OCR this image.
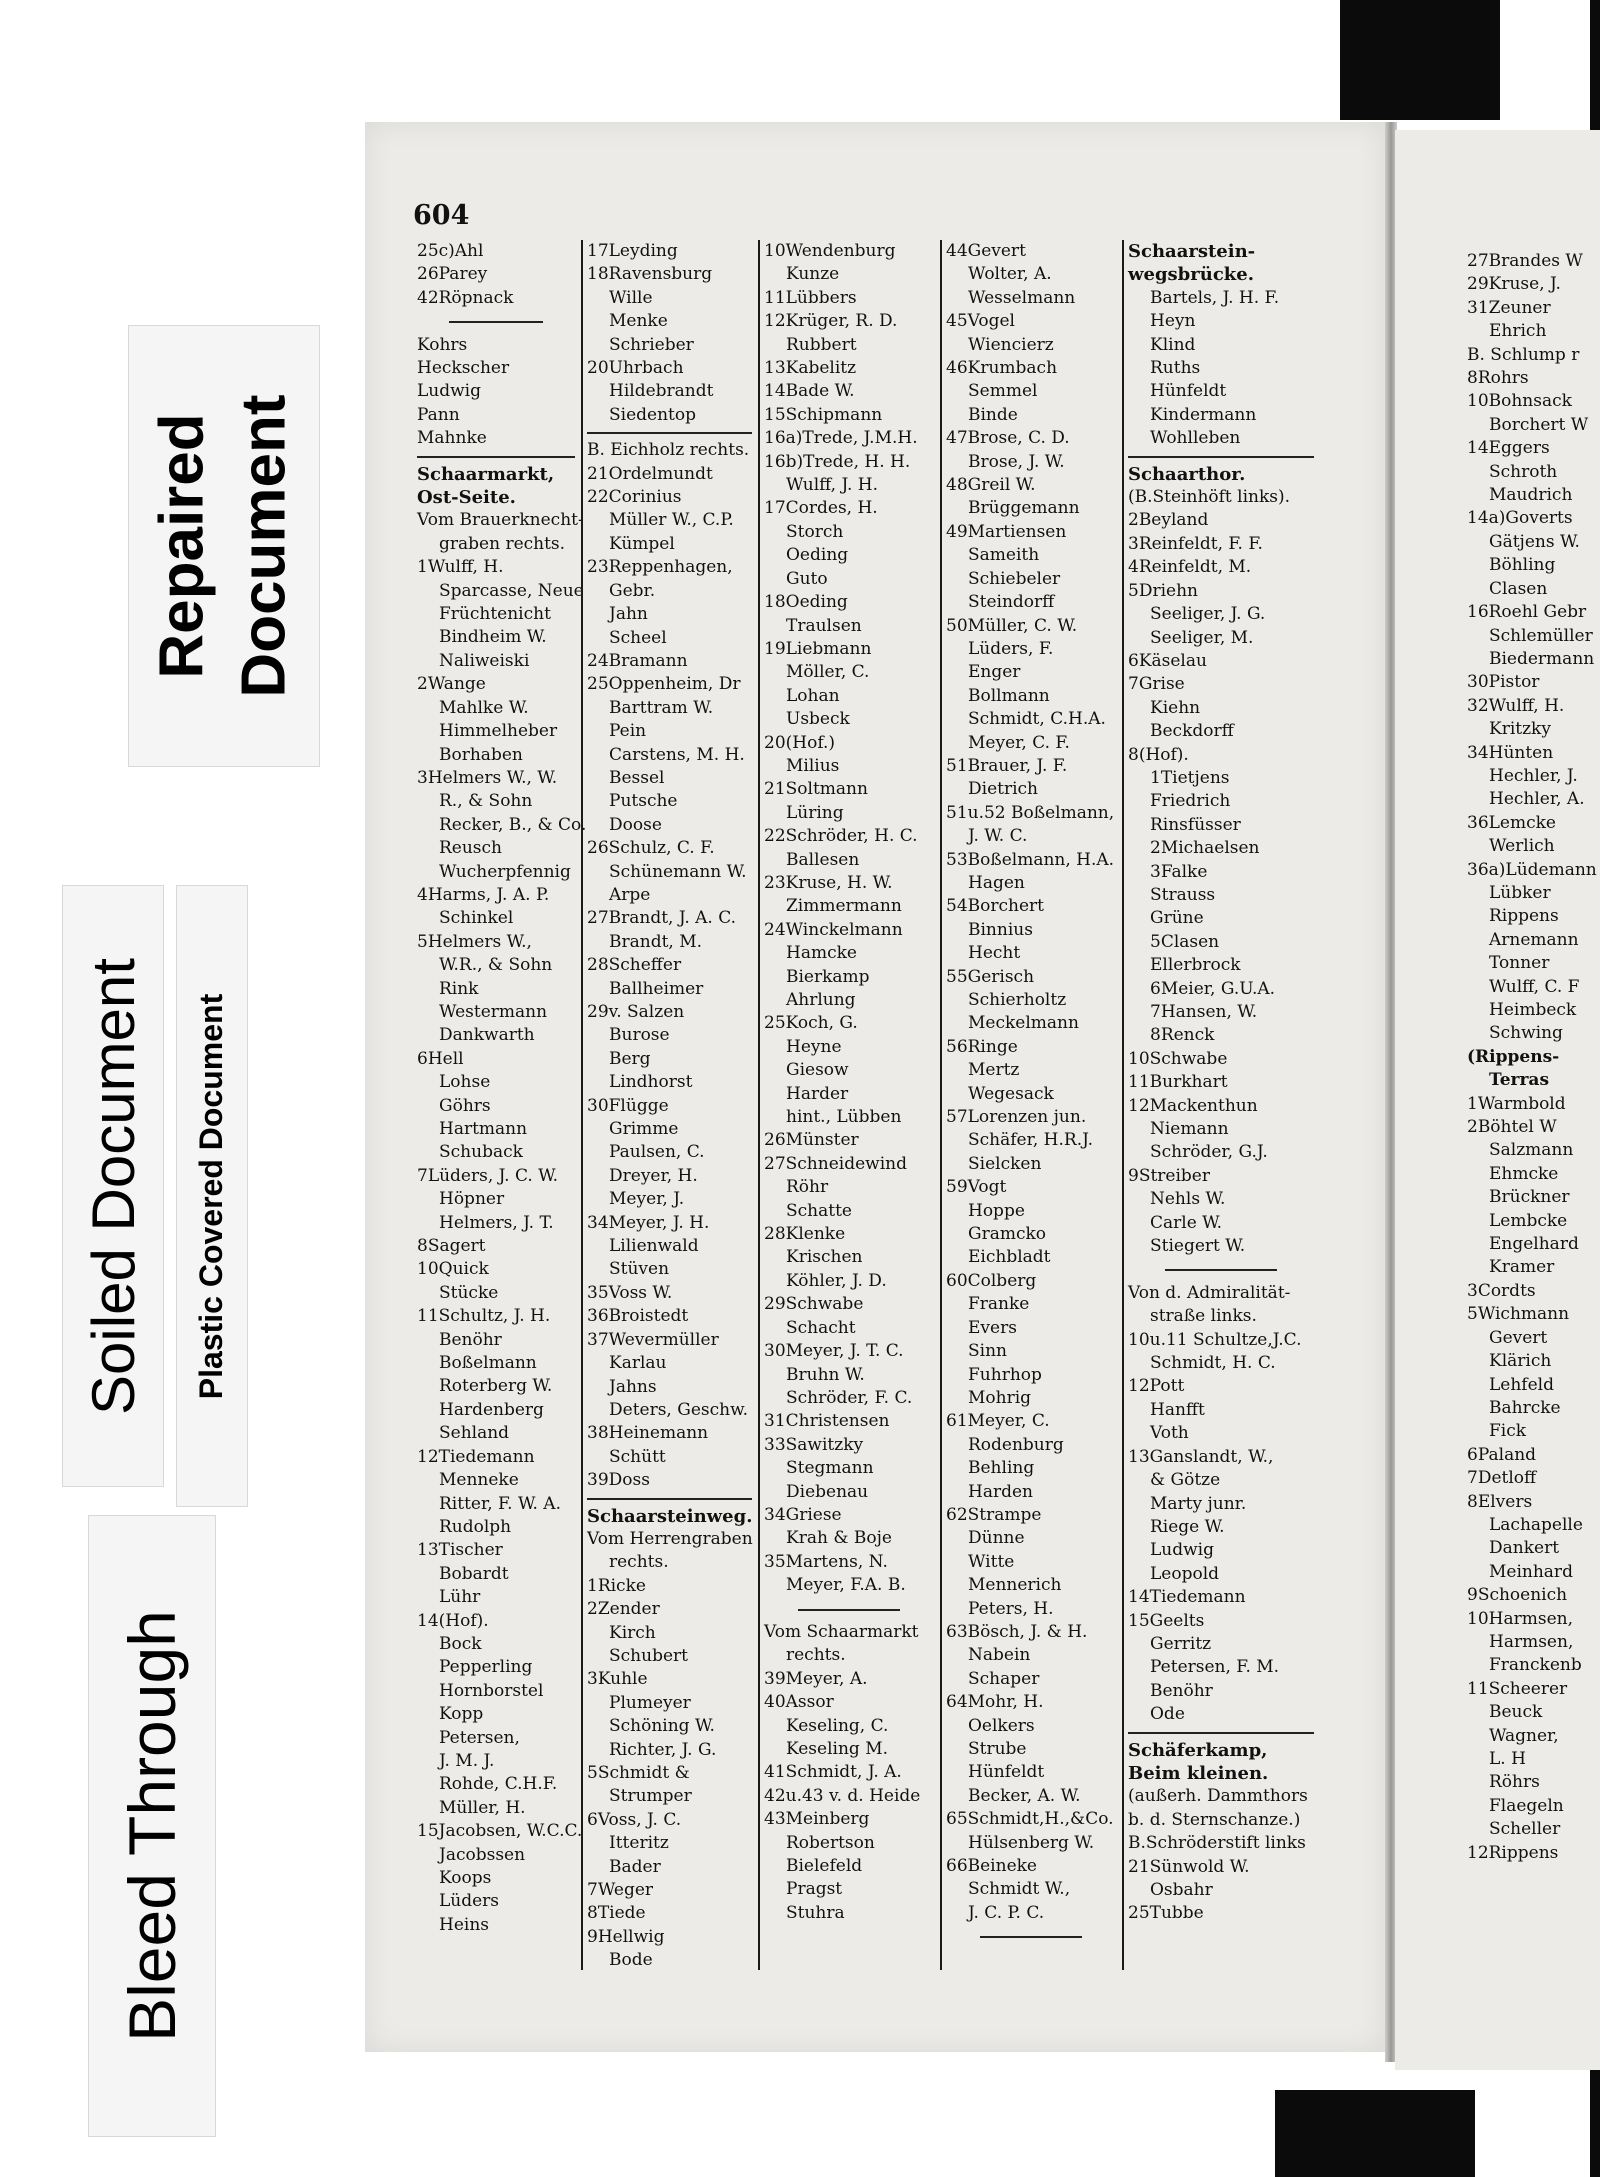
Bleed Through
Soiled Document Plastic Covered Document
Repaired Document
604
25c)Ahl
26Parey
42Röpnack
Kohrs
Heckscher
Ludwig
Pann
Mahnke
Schaarmarkt,
Ost-Seite.
Vom Brauerknecht-
graben rechts.
1Wulff, H.
Sparcasse, Neue
Früchtenicht
Bindheim W.
Naliweiski
2Wange
Mahlke W.
Himmelheber
Borhaben
3Helmers W., W.
R., & Sohn
Recker, B., & Co.
Reusch
Wucherpfennig
4Harms, J. A. P.
Schinkel
5Helmers W.,
W.R., & Sohn
Rink
Westermann
Dankwarth
6Hell
Lohse
Göhrs
Hartmann
Schuback
7Lüders, J. C. W.
Höpner
Helmers, J. T.
8Sagert
10Quick
Stücke
11Schultz, J. H.
Benöhr
Boßelmann
Roterberg W.
Hardenberg
Sehland
12Tiedemann
Menneke
Ritter, F. W. A.
Rudolph
13Tischer
Bobardt
Lühr
14(Hof).
Bock
Pepperling
Hornborstel
Kopp
Petersen,
J. M. J.
Rohde, C.H.F.
Müller, H.
15Jacobsen, W.C.C.
Jacobssen
Koops
Lüders
Heins
17Leyding
18Ravensburg
Wille
Menke
Schrieber
20Uhrbach
Hildebrandt
Siedentop
B. Eichholz rechts.
21Ordelmundt
22Corinius
Müller W., C.P.
Kümpel
23Reppenhagen,
Gebr.
Jahn
Scheel
24Bramann
25Oppenheim, Dr
Barttram W.
Pein
Carstens, M. H.
Bessel
Putsche
Doose
26Schulz, C. F.
Schünemann W.
Arpe
27Brandt, J. A. C.
Brandt, M.
28Scheffer
Ballheimer
29v. Salzen
Burose
Berg
Lindhorst
30Flügge
Grimme
Paulsen, C.
Dreyer, H.
Meyer, J.
34Meyer, J. H.
Lilienwald
Stüven
35Voss W.
36Broistedt
37Wevermüller
Karlau
Jahns
Deters, Geschw.
38Heinemann
Schütt
39Doss
Schaarsteinweg.
Vom Herrengraben
rechts.
1Ricke
2Zender
Kirch
Schubert
3Kuhle
Plumeyer
Schöning W.
Richter, J. G.
5Schmidt &
Strumper
6Voss, J. C.
Itteritz
Bader
7Weger
8Tiede
9Hellwig
Bode
10Wendenburg
Kunze
11Lübbers
12Krüger, R. D.
Rubbert
13Kabelitz
14Bade W.
15Schipmann
16a)Trede, J.M.H.
16b)Trede, H. H.
Wulff, J. H.
17Cordes, H.
Storch
Oeding
Guto
18Oeding
Traulsen
19Liebmann
Möller, C.
Lohan
Usbeck
20(Hof.)
Milius
21Soltmann
Lüring
22Schröder, H. C.
Ballesen
23Kruse, H. W.
Zimmermann
24Winckelmann
Hamcke
Bierkamp
Ahrlung
25Koch, G.
Heyne
Giesow
Harder
hint., Lübben
26Münster
27Schneidewind
Röhr
Schatte
28Klenke
Krischen
Köhler, J. D.
29Schwabe
Schacht
30Meyer, J. T. C.
Bruhn W.
Schröder, F. C.
31Christensen
33Sawitzky
Stegmann
Diebenau
34Griese
Krah & Boje
35Martens, N.
Meyer, F.A. B.
Vom Schaarmarkt
rechts.
39Meyer, A.
40Assor
Keseling, C.
Keseling M.
41Schmidt, J. A.
42u.43 v. d. Heide
43Meinberg
Robertson
Bielefeld
Pragst
Stuhra
44Gevert
Wolter, A.
Wesselmann
45Vogel
Wiencierz
46Krumbach
Semmel
Binde
47Brose, C. D.
Brose, J. W.
48Greil W.
Brüggemann
49Martiensen
Sameith
Schiebeler
Steindorff
50Müller, C. W.
Lüders, F.
Enger
Bollmann
Schmidt, C.H.A.
Meyer, C. F.
51Brauer, J. F.
Dietrich
51u.52 Boßelmann,
J. W. C.
53Boßelmann, H.A.
Hagen
54Borchert
Binnius
Hecht
55Gerisch
Schierholtz
Meckelmann
56Ringe
Mertz
Wegesack
57Lorenzen jun.
Schäfer, H.R.J.
Sielcken
59Vogt
Hoppe
Gramcko
Eichbladt
60Colberg
Franke
Evers
Sinn
Fuhrhop
Mohrig
61Meyer, C.
Rodenburg
Behling
Harden
62Strampe
Dünne
Witte
Mennerich
Peters, H.
63Bösch, J. & H.
Nabein
Schaper
64Mohr, H.
Oelkers
Strube
Hünfeldt
Becker, A. W.
65Schmidt,H.,&Co.
Hülsenberg W.
66Beineke
Schmidt W.,
J. C. P. C.
Schaarstein-
wegsbrücke.
Bartels, J. H. F.
Heyn
Klind
Ruths
Hünfeldt
Kindermann
Wohlleben
Schaarthor.
(B.Steinhöft links).
2Beyland
3Reinfeldt, F. F.
4Reinfeldt, M.
5Driehn
Seeliger, J. G.
Seeliger, M.
6Käselau
7Grise
Kiehn
Beckdorff
8(Hof).
1Tietjens
Friedrich
Rinsfüsser
2Michaelsen
3Falke
Strauss
Grüne
5Clasen
Ellerbrock
6Meier, G.U.A.
7Hansen, W.
8Renck
10Schwabe
11Burkhart
12Mackenthun
Niemann
Schröder, G.J.
9Streiber
Nehls W.
Carle W.
Stiegert W.
Von d. Admiralität-
straße links.
10u.11 Schultze,J.C.
Schmidt, H. C.
12Pott
Hanfft
Voth
13Ganslandt, W.,
& Götze
Marty junr.
Riege W.
Ludwig
Leopold
14Tiedemann
15Geelts
Gerritz
Petersen, F. M.
Benöhr
Ode
Schäferkamp,
Beim kleinen.
(außerh. Dammthors
b. d. Sternschanze.)
B.Schröderstift links
21Sünwold W.
Osbahr
25Tubbe
27Brandes W
29Kruse, J.
31Zeuner
Ehrich
B. Schlump r
8Rohrs
10Bohnsack
Borchert W
14Eggers
Schroth
Maudrich
14a)Goverts
Gätjens W.
Böhling
Clasen
16Roehl Gebr
Schlemüller
Biedermann
30Pistor
32Wulff, H.
Kritzky
34Hünten
Hechler, J.
Hechler, A.
36Lemcke
Werlich
36a)Lüdemann
Lübker
Rippens
Arnemann
Tonner
Wulff, C. F
Heimbeck
Schwing
(Rippens-
Terras
1Warmbold
2Böhtel W
Salzmann
Ehmcke
Brückner
Lembcke
Engelhard
Kramer
3Cordts
5Wichmann
Gevert
Klärich
Lehfeld
Bahrcke
Fick
6Paland
7Detloff
8Elvers
Lachapelle
Dankert
Meinhard
9Schoenich
10Harmsen,
Harmsen,
Franckenb
11Scheerer
Beuck
Wagner,
L. H
Röhrs
Flaegeln
Scheller
12Rippens
